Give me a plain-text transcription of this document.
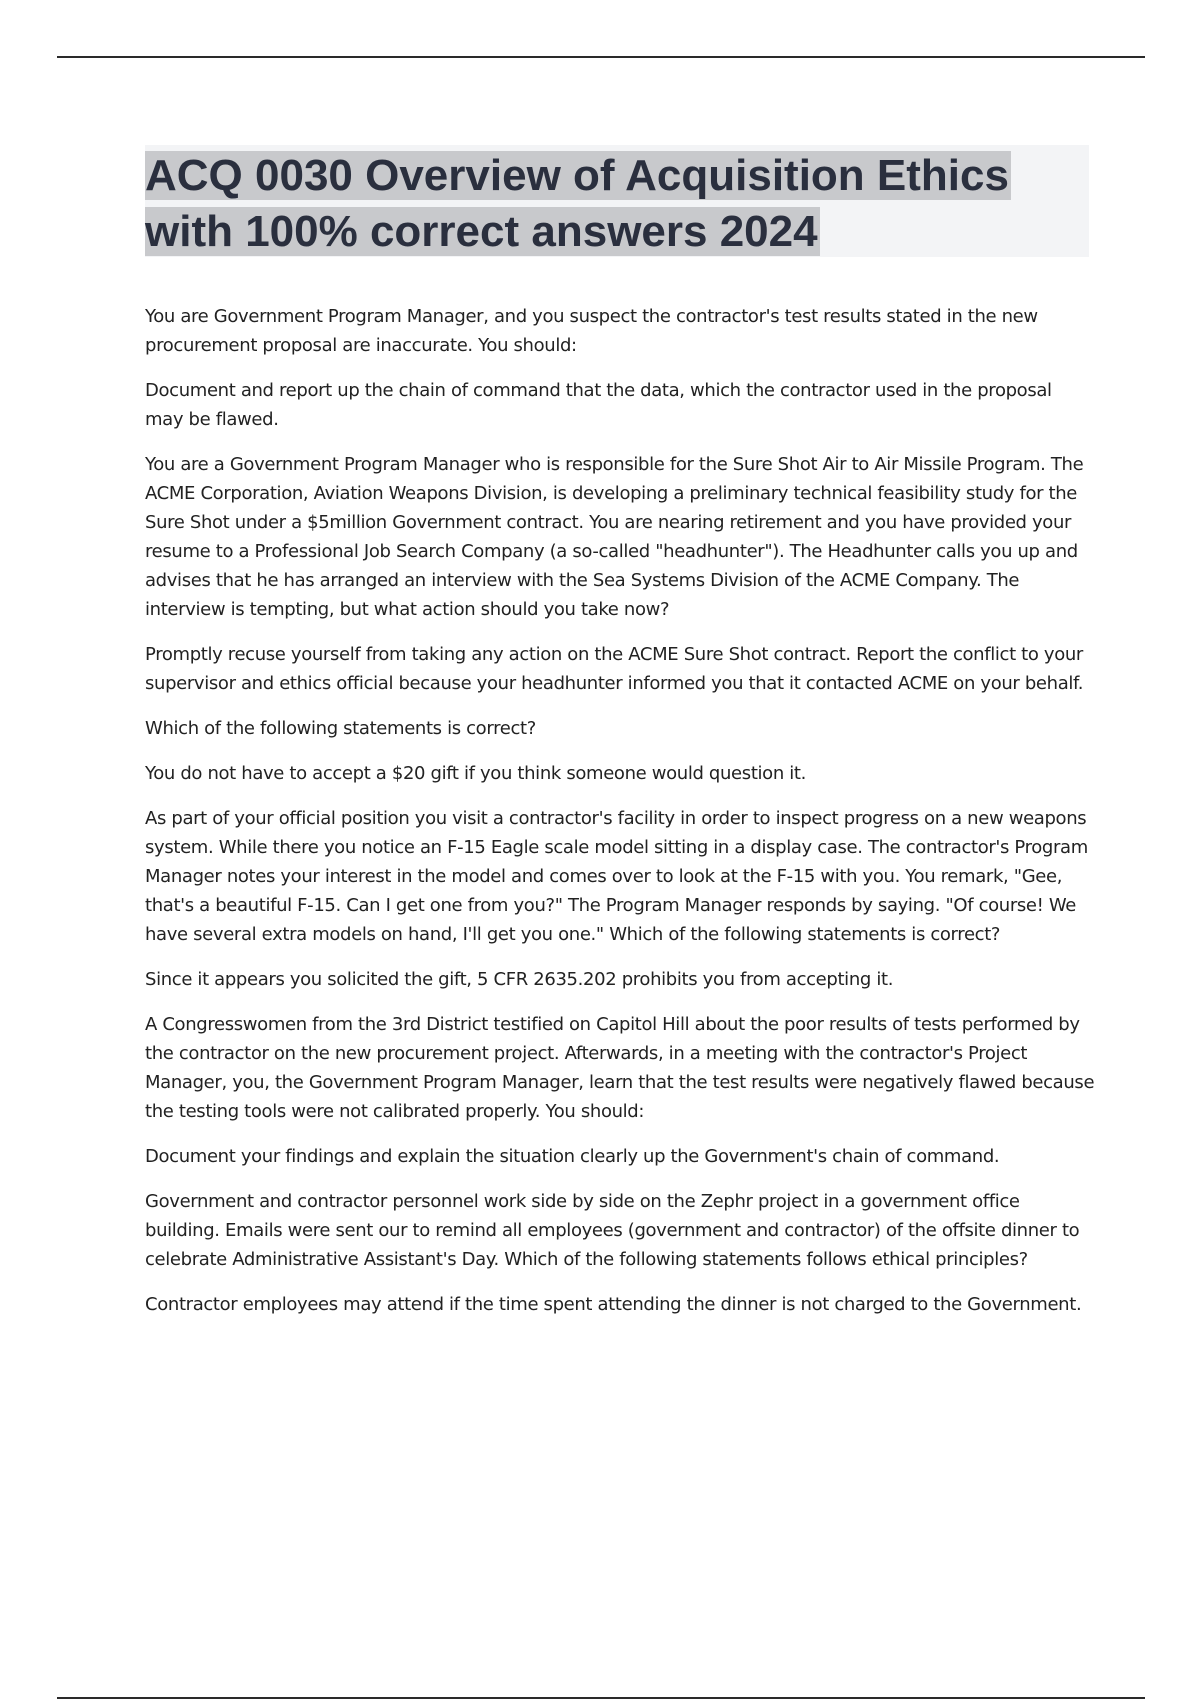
ACQ 0030 Overview of Acquisition Ethics with 100% correct answers 2024

You are Government Program Manager, and you suspect the contractor's test results stated in the new procurement proposal are inaccurate. You should:

Document and report up the chain of command that the data, which the contractor used in the proposal may be flawed.

You are a Government Program Manager who is responsible for the Sure Shot Air to Air Missile Program. The ACME Corporation, Aviation Weapons Division, is developing a preliminary technical feasibility study for the Sure Shot under a $5million Government contract. You are nearing retirement and you have provided your resume to a Professional Job Search Company (a so-called "headhunter"). The Headhunter calls you up and advises that he has arranged an interview with the Sea Systems Division of the ACME Company. The interview is tempting, but what action should you take now?

Promptly recuse yourself from taking any action on the ACME Sure Shot contract. Report the conflict to your supervisor and ethics official because your headhunter informed you that it contacted ACME on your behalf.

Which of the following statements is correct?

You do not have to accept a $20 gift if you think someone would question it.

As part of your official position you visit a contractor's facility in order to inspect progress on a new weapons system. While there you notice an F-15 Eagle scale model sitting in a display case. The contractor's Program Manager notes your interest in the model and comes over to look at the F-15 with you. You remark, "Gee, that's a beautiful F-15. Can I get one from you?" The Program Manager responds by saying. "Of course! We have several extra models on hand, I'll get you one." Which of the following statements is correct?

Since it appears you solicited the gift, 5 CFR 2635.202 prohibits you from accepting it.

A Congresswomen from the 3rd District testified on Capitol Hill about the poor results of tests performed by the contractor on the new procurement project. Afterwards, in a meeting with the contractor's Project Manager, you, the Government Program Manager, learn that the test results were negatively flawed because the testing tools were not calibrated properly. You should:

Document your findings and explain the situation clearly up the Government's chain of command.

Government and contractor personnel work side by side on the Zephr project in a government office building. Emails were sent our to remind all employees (government and contractor) of the offsite dinner to celebrate Administrative Assistant's Day. Which of the following statements follows ethical principles?

Contractor employees may attend if the time spent attending the dinner is not charged to the Government.
